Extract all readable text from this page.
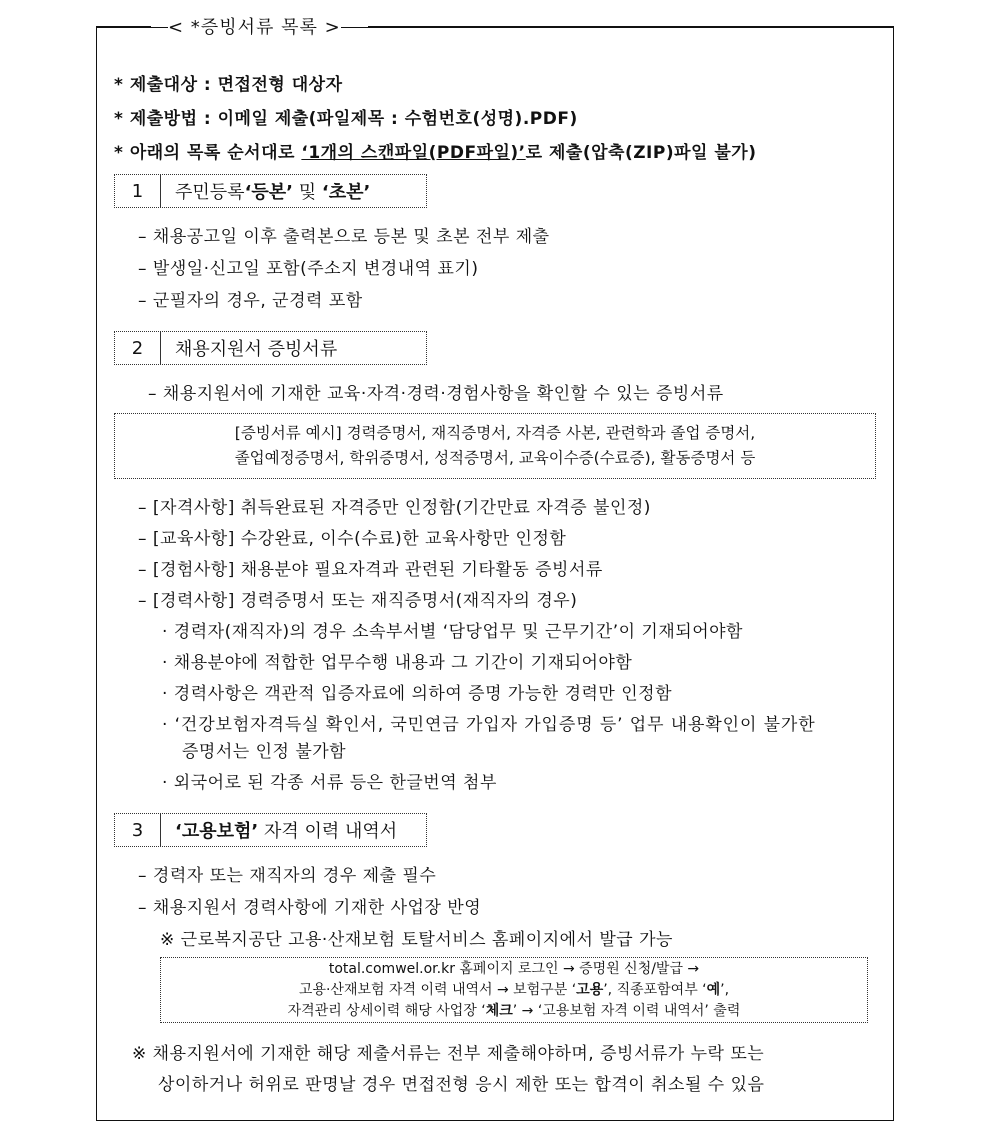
< *증빙서류 목록 >
* 제출대상 : 면접전형 대상자
* 제출방법 : 이메일 제출(파일제목 : 수험번호(성명).PDF)
* 아래의 목록 순서대로 ‘1개의 스캔파일(PDF파일)’로 제출(압축(ZIP)파일 불가)
1	주민등록‘등본’ 및 ‘초본’
– 채용공고일 이후 출력본으로 등본 및 초본 전부 제출
– 발생일·신고일 포함(주소지 변경내역 표기)
– 군필자의 경우, 군경력 포함
2	채용지원서 증빙서류
– 채용지원서에 기재한 교육·자격·경력·경험사항을 확인할 수 있는 증빙서류
[증빙서류 예시] 경력증명서, 재직증명서, 자격증 사본, 관련학과 졸업 증명서,
졸업예정증명서, 학위증명서, 성적증명서, 교육이수증(수료증), 활동증명서 등
– [자격사항] 취득완료된 자격증만 인정함(기간만료 자격증 불인정)
– [교육사항] 수강완료, 이수(수료)한 교육사항만 인정함
– [경험사항] 채용분야 필요자격과 관련된 기타활동 증빙서류
– [경력사항] 경력증명서 또는 재직증명서(재직자의 경우)
· 경력자(재직자)의 경우 소속부서별 ‘담당업무 및 근무기간’이 기재되어야함
· 채용분야에 적합한 업무수행 내용과 그 기간이 기재되어야함
· 경력사항은 객관적 입증자료에 의하여 증명 가능한 경력만 인정함
· ‘건강보험자격득실 확인서, 국민연금 가입자 가입증명 등’ 업무 내용확인이 불가한
증명서는 인정 불가함
· 외국어로 된 각종 서류 등은 한글번역 첨부
3	‘고용보험’ 자격 이력 내역서
– 경력자 또는 재직자의 경우 제출 필수
– 채용지원서 경력사항에 기재한 사업장 반영
※ 근로복지공단 고용·산재보험 토탈서비스 홈페이지에서 발급 가능
total.comwel.or.kr 홈페이지 로그인 → 증명원 신청/발급 →
고용·산재보험 자격 이력 내역서 → 보험구분 ‘고용’, 직종포함여부 ‘예’,
자격관리 상세이력 해당 사업장 ‘체크’ → ‘고용보험 자격 이력 내역서’ 출력
※ 채용지원서에 기재한 해당 제출서류는 전부 제출해야하며, 증빙서류가 누락 또는
상이하거나 허위로 판명날 경우 면접전형 응시 제한 또는 합격이 취소될 수 있음
